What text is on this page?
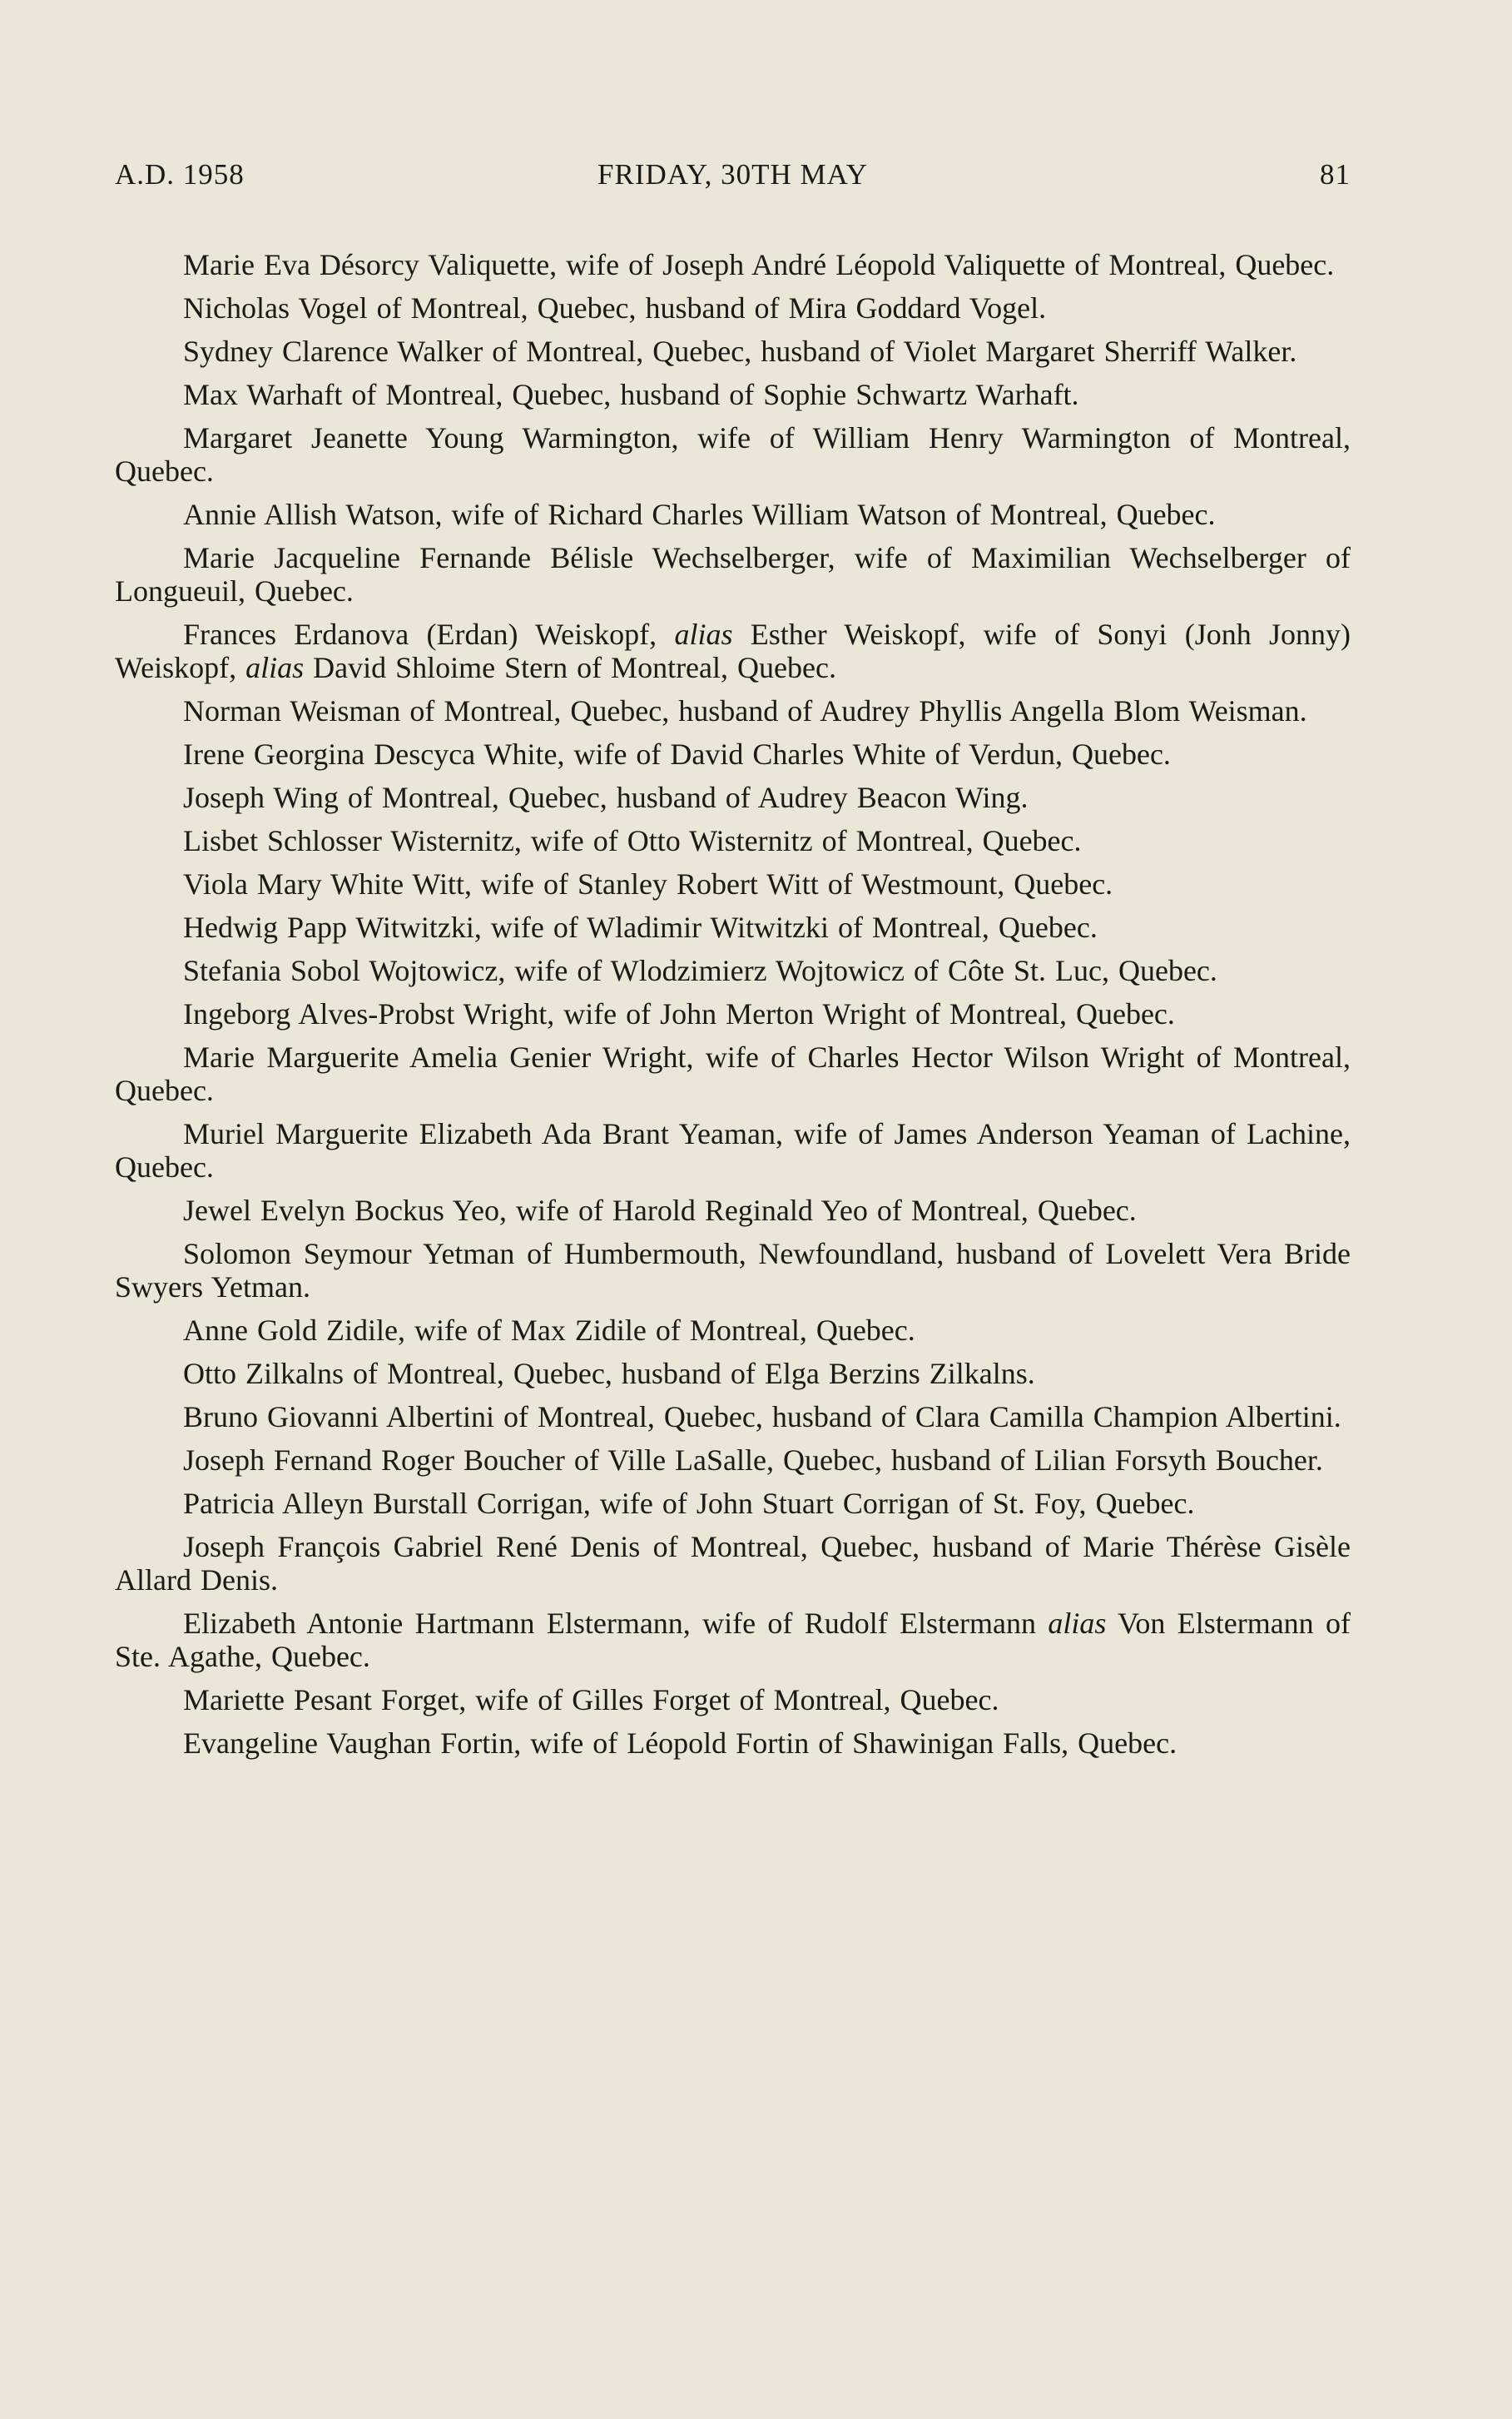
A.D. 1958	FRIDAY, 30TH MAY	81

Marie Eva Désorcy Valiquette, wife of Joseph André Léopold Valiquette of Montreal, Quebec.

Nicholas Vogel of Montreal, Quebec, husband of Mira Goddard Vogel.

Sydney Clarence Walker of Montreal, Quebec, husband of Violet Margaret Sherriff Walker.

Max Warhaft of Montreal, Quebec, husband of Sophie Schwartz Warhaft.

Margaret Jeanette Young Warmington, wife of William Henry Warmington of Montreal, Quebec.

Annie Allish Watson, wife of Richard Charles William Watson of Montreal, Quebec.

Marie Jacqueline Fernande Bélisle Wechselberger, wife of Maximilian Wechselberger of Longueuil, Quebec.

Frances Erdanova (Erdan) Weiskopf, alias Esther Weiskopf, wife of Sonyi (Jonh Jonny) Weiskopf, alias David Shloime Stern of Montreal, Quebec.

Norman Weisman of Montreal, Quebec, husband of Audrey Phyllis Angella Blom Weisman.

Irene Georgina Descyca White, wife of David Charles White of Verdun, Quebec.

Joseph Wing of Montreal, Quebec, husband of Audrey Beacon Wing.

Lisbet Schlosser Wisternitz, wife of Otto Wisternitz of Montreal, Quebec.

Viola Mary White Witt, wife of Stanley Robert Witt of Westmount, Quebec.

Hedwig Papp Witwitzki, wife of Wladimir Witwitzki of Montreal, Quebec.

Stefania Sobol Wojtowicz, wife of Wlodzimierz Wojtowicz of Côte St. Luc, Quebec.

Ingeborg Alves-Probst Wright, wife of John Merton Wright of Montreal, Quebec.

Marie Marguerite Amelia Genier Wright, wife of Charles Hector Wilson Wright of Montreal, Quebec.

Muriel Marguerite Elizabeth Ada Brant Yeaman, wife of James Anderson Yeaman of Lachine, Quebec.

Jewel Evelyn Bockus Yeo, wife of Harold Reginald Yeo of Montreal, Quebec.

Solomon Seymour Yetman of Humbermouth, Newfoundland, husband of Lovelett Vera Bride Swyers Yetman.

Anne Gold Zidile, wife of Max Zidile of Montreal, Quebec.

Otto Zilkalns of Montreal, Quebec, husband of Elga Berzins Zilkalns.

Bruno Giovanni Albertini of Montreal, Quebec, husband of Clara Camilla Champion Albertini.

Joseph Fernand Roger Boucher of Ville LaSalle, Quebec, husband of Lilian Forsyth Boucher.

Patricia Alleyn Burstall Corrigan, wife of John Stuart Corrigan of St. Foy, Quebec.

Joseph François Gabriel René Denis of Montreal, Quebec, husband of Marie Thérèse Gisèle Allard Denis.

Elizabeth Antonie Hartmann Elstermann, wife of Rudolf Elstermann alias Von Elstermann of Ste. Agathe, Quebec.

Mariette Pesant Forget, wife of Gilles Forget of Montreal, Quebec.

Evangeline Vaughan Fortin, wife of Léopold Fortin of Shawinigan Falls, Quebec.
